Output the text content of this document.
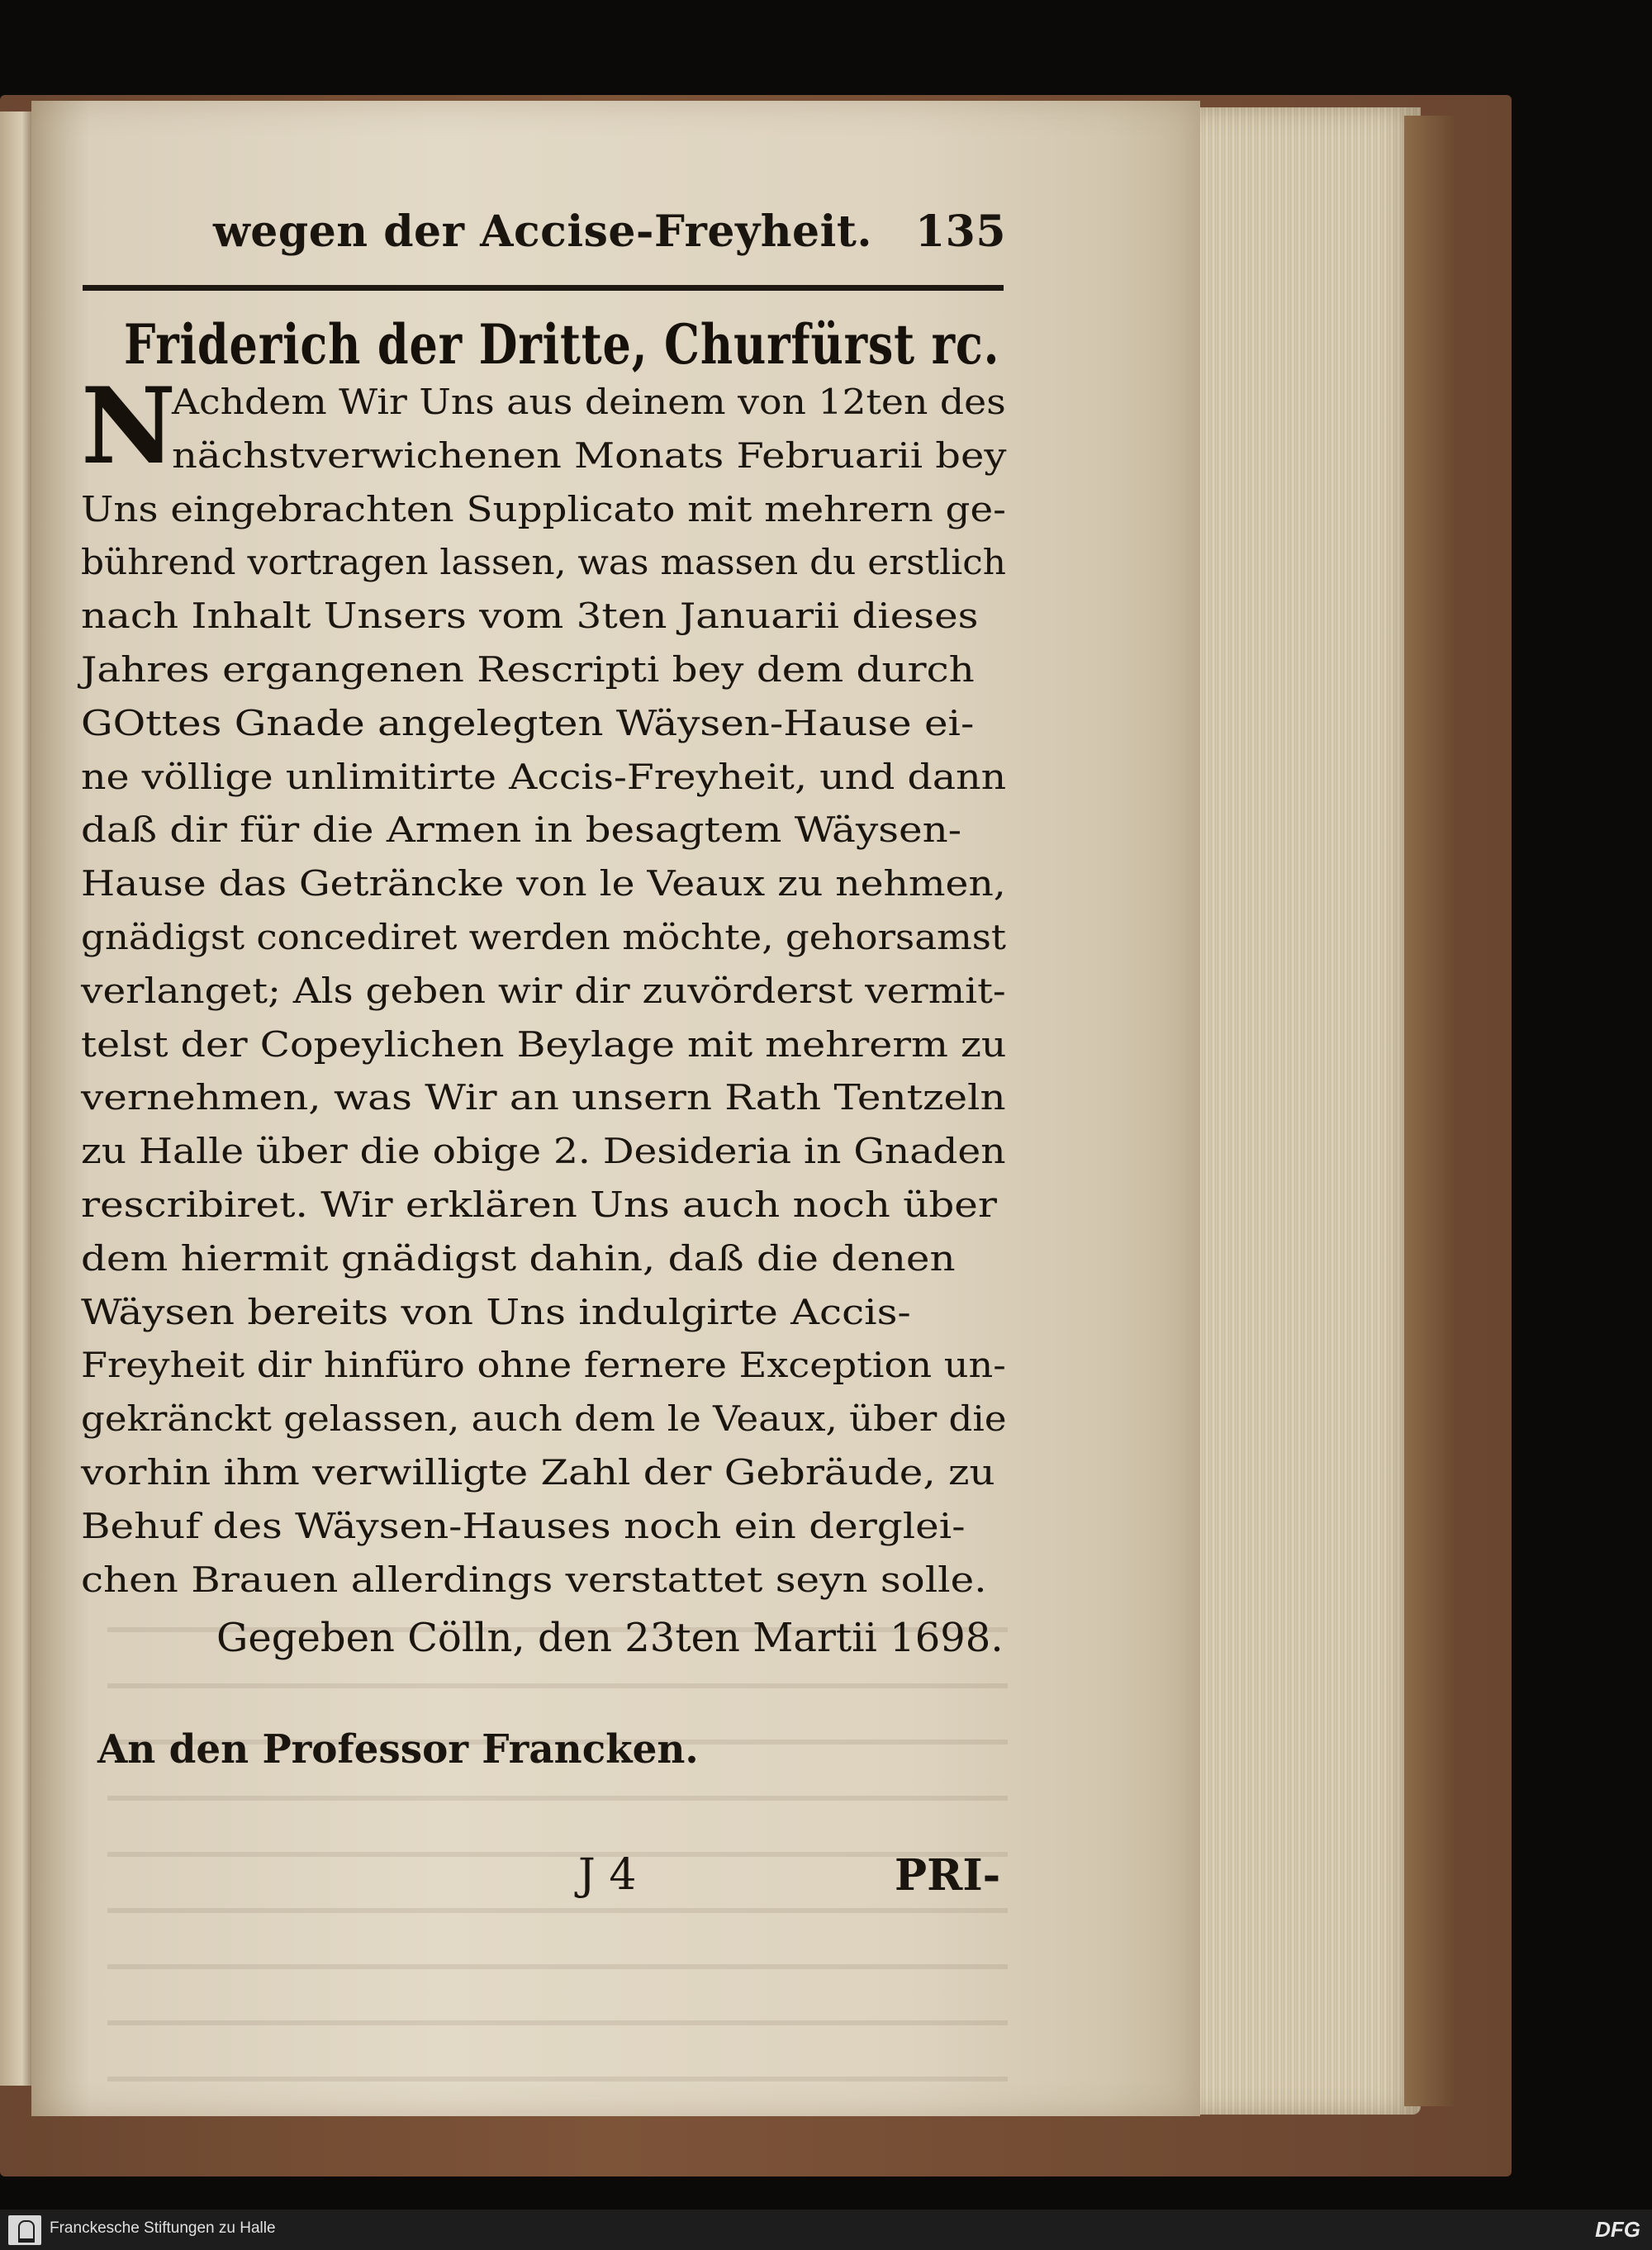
wegen der Accise-Freyheit. 135
Friderich der Dritte, Churfürst rc.
N
Achdem Wir Uns aus deinem von 12ten des
nächstverwichenen Monats Februarii bey
Uns eingebrachten Supplicato mit mehrern ge-
bührend vortragen lassen, was massen du erstlich
nach Inhalt Unsers vom 3ten Januarii dieses
Jahres ergangenen Rescripti bey dem durch
GOttes Gnade angelegten Wäysen-Hause ei-
ne völlige unlimitirte Accis-Freyheit, und dann
daß dir für die Armen in besagtem Wäysen-
Hause das Geträncke von le Veaux zu nehmen,
gnädigst concediret werden möchte, gehorsamst
verlanget; Als geben wir dir zuvörderst vermit-
telst der Copeylichen Beylage mit mehrerm zu
vernehmen, was Wir an unsern Rath Tentzeln
zu Halle über die obige 2. Desideria in Gnaden
rescribiret. Wir erklären Uns auch noch über
dem hiermit gnädigst dahin, daß die denen
Wäysen bereits von Uns indulgirte Accis-
Freyheit dir hinfüro ohne fernere Exception un-
gekränckt gelassen, auch dem le Veaux, über die
vorhin ihm verwilligte Zahl der Gebräude, zu
Behuf des Wäysen-Hauses noch ein derglei-
chen Brauen allerdings verstattet seyn solle.
Gegeben Cölln, den 23ten Martii 1698.
An den Professor Francken.
J 4	PRI-
Franckesche Stiftungen zu Halle	DFG
